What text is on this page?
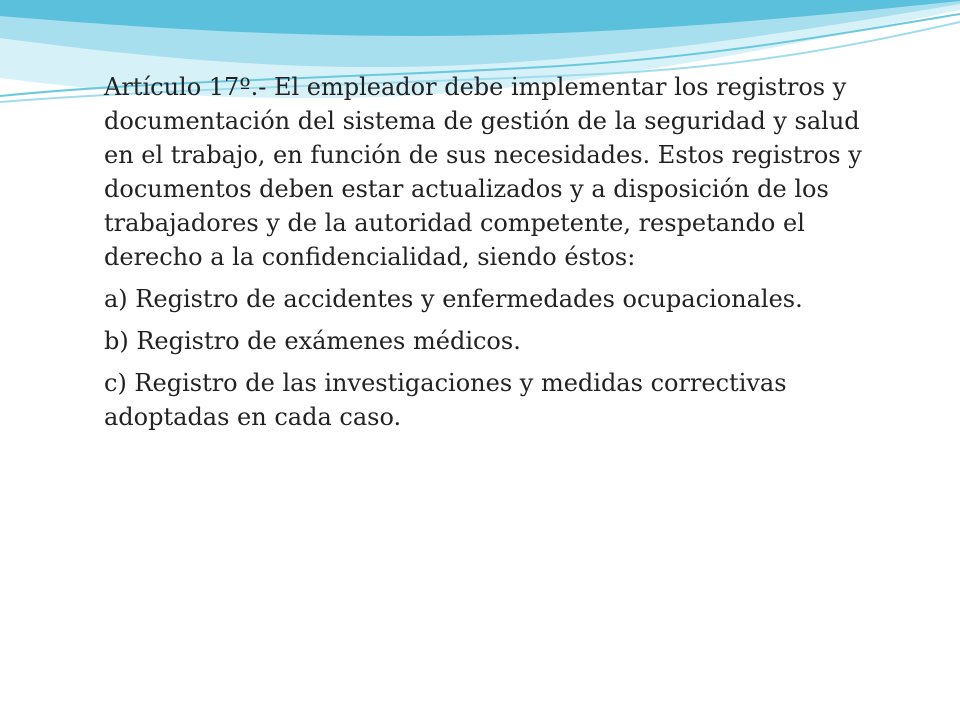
Artículo 17º.- El empleador debe implementar los registros y documentación del sistema de gestión de la seguridad y salud en el trabajo, en función de sus necesidades. Estos registros y documentos deben estar actualizados y a disposición de los trabajadores y de la autoridad competente, respetando el derecho a la confidencialidad, siendo éstos:

a) Registro de accidentes y enfermedades ocupacionales.

b) Registro de exámenes médicos.

c) Registro de las investigaciones y medidas correctivas adoptadas en cada caso.
